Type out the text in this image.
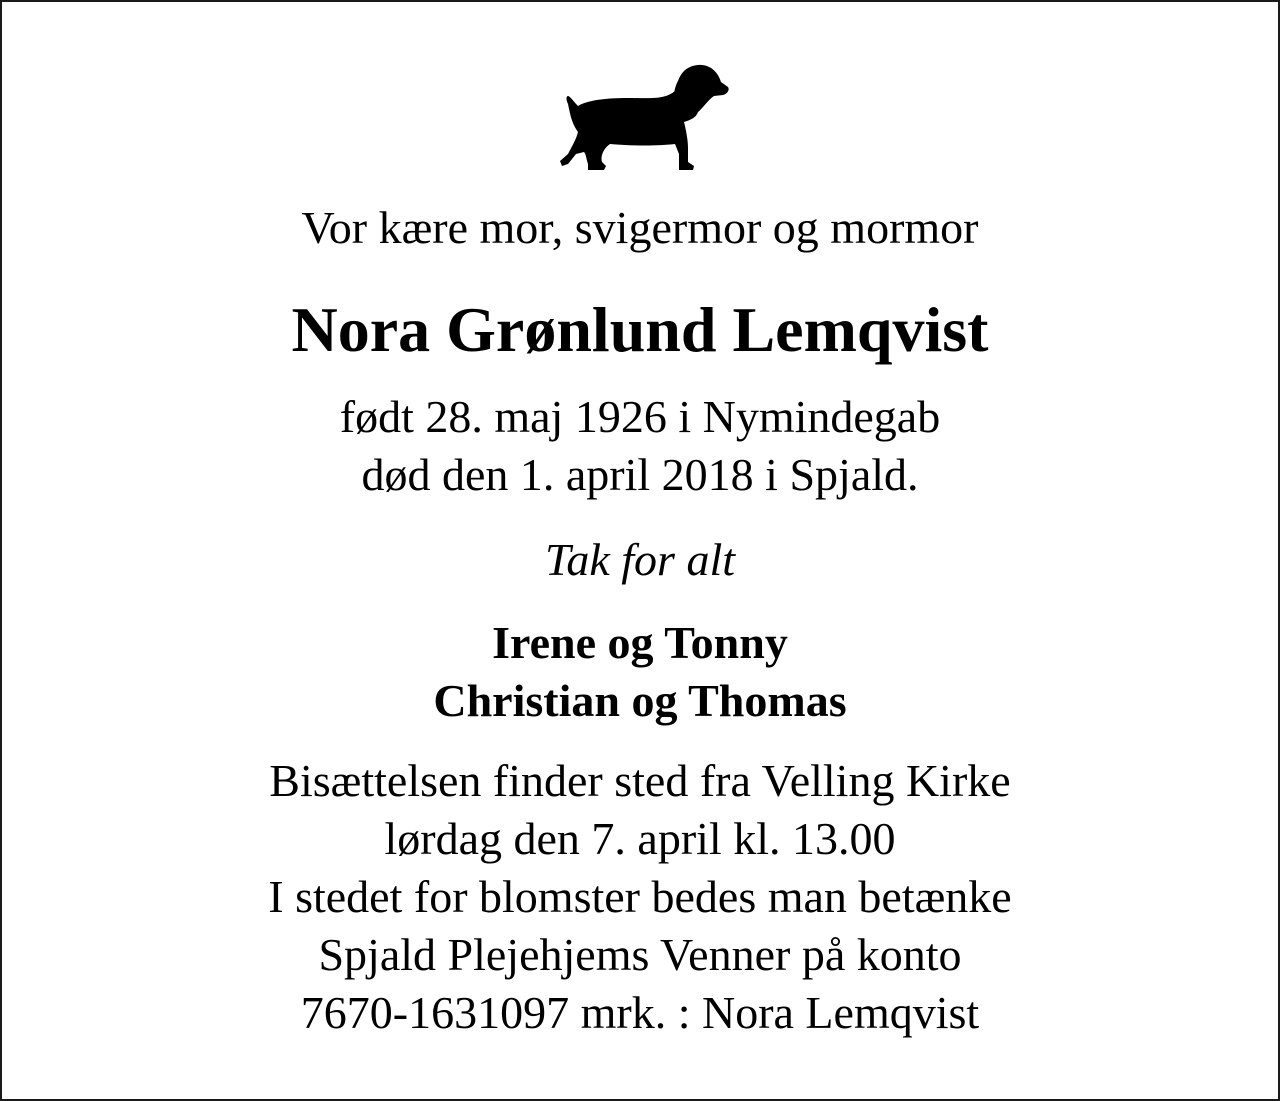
Vor kære mor, svigermor og mormor
Nora Grønlund Lemqvist
født 28. maj 1926 i Nymindegab
død den 1. april 2018 i Spjald.
Tak for alt
Irene og Tonny
Christian og Thomas
Bisættelsen finder sted fra Velling Kirke
lørdag den 7. april kl. 13.00
I stedet for blomster bedes man betænke
Spjald Plejehjems Venner på konto
7670-1631097 mrk. : Nora Lemqvist
